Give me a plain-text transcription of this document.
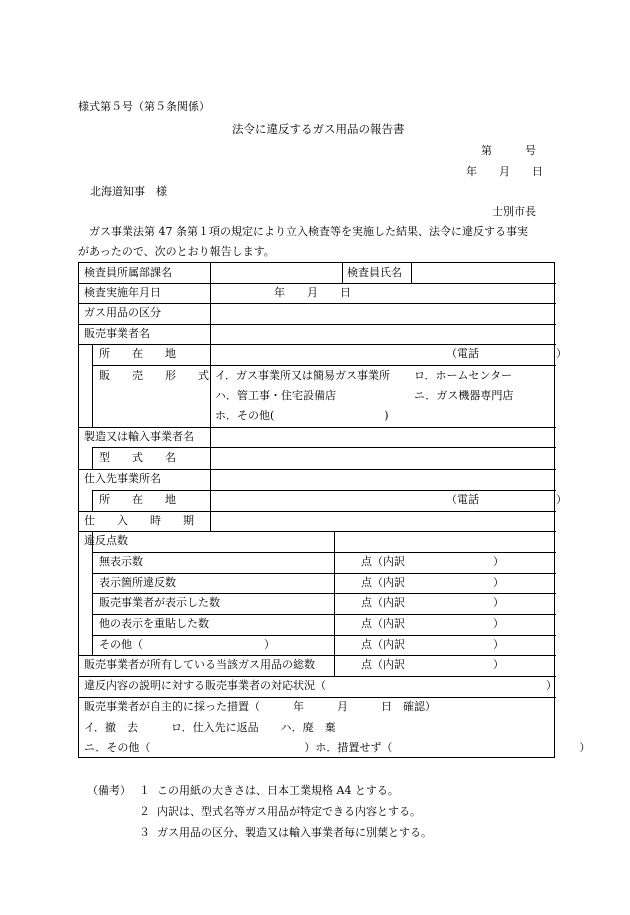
様式第５号（第５条関係）
法令に違反するガス用品の報告書
第　　　号
年　　月　　日
北海道知事　様
士別市長
ガス事業法第 47 条第１項の規定により立入検査等を実施した結果、法令に違反する事実
があったので、次のとおり報告します。
検査員所属部課名	検査員氏名
検査実施年月日	年　　月　　日
ガス用品の区分
販売事業者名
所　　在　　地	（電話　　　　　　　）
販　　売　　形　　式 イ．ガス事業所又は簡易ガス事業所 ロ．ホームセンター
ハ．管工事・住宅設備店	ニ．ガス機器専門店
ホ．その他(　　　　　　　　　　)
製造又は輸入事業者名
型　　式　　名
仕入先事業所名
所　　在　　地	（電話　　　　　　　）
仕　　入　　時　　期
違反点数
無表示数	点（内訳　　　　　　　　）
表示箇所違反数	点（内訳　　　　　　　　）
販売事業者が表示した数	点（内訳　　　　　　　　）
他の表示を重貼した数	点（内訳　　　　　　　　）
その他（　　　　　　　　　　　）	点（内訳　　　　　　　　）
販売事業者が所有している当該ガス用品の総数	点（内訳　　　　　　　　）
違反内容の説明に対する販売事業者の対応状況（　　　　　　　　　　　　　　　　　　　　）
販売事業者が自主的に採った措置（　　　年　　　月　　　日　確認）
イ．撤　去　　　ロ．仕入先に返品　　ハ．廃　棄
ニ．その他（　　　　　　　　　　　　　　）ホ．措置せず（　　　　　　　　　　　　　　　　　）
（備考） １ この用紙の大きさは、日本工業規格 A4 とする。
２ 内訳は、型式名等ガス用品が特定できる内容とする。
３ ガス用品の区分、製造又は輸入事業者毎に別葉とする。
